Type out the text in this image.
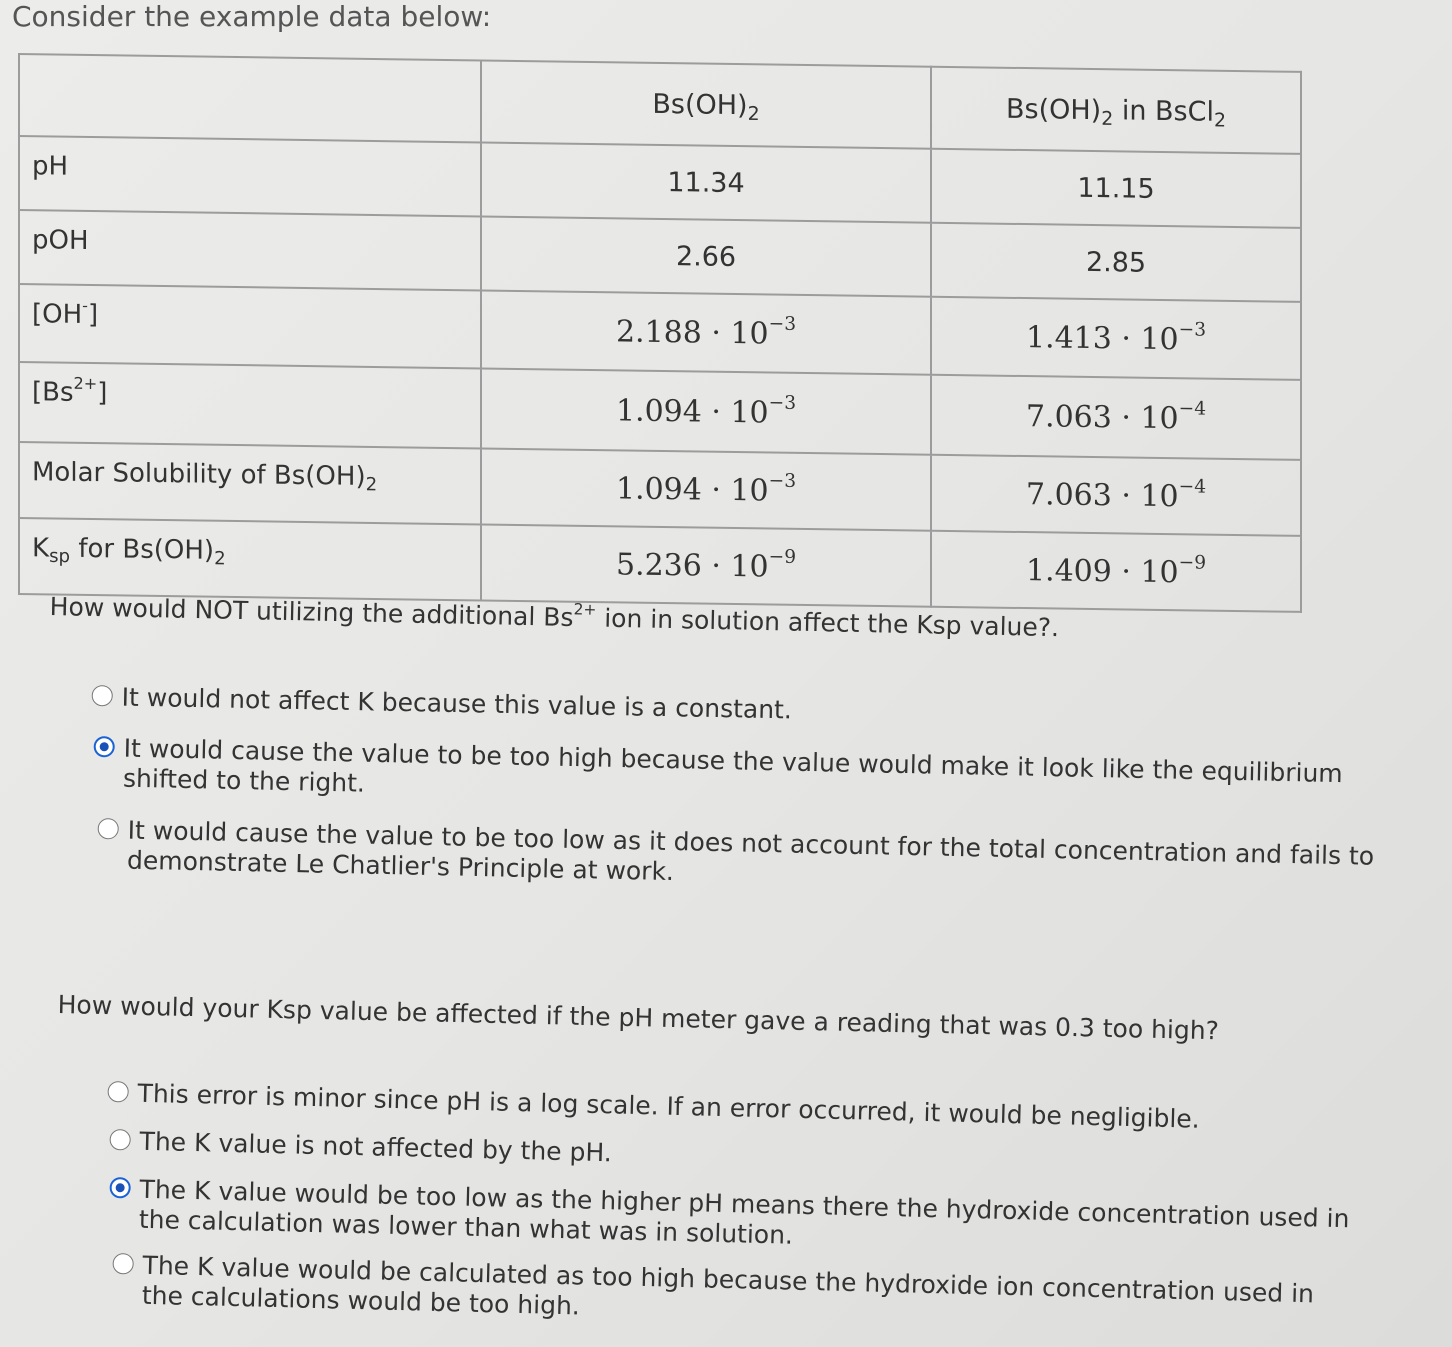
Consider the example data below:
	$Bs(OH)_2$	$Bs(OH)_2$ in BsCl$_2$
pH	11.34	11.15
pOH	2.66	2.85
[OH-]	$2.188 \cdot 10^{-3}$	$1.413 \cdot 10^{-3}$
$[Bs^{2+}]$	$1.094 \cdot 10^{-3}$	$7.063 \cdot 10^{-4}$
Molar Solubility of $Bs(OH)_2$	$1.094 \cdot 10^{-3}$	$7.063 \cdot 10^{-4}$
$K_{sp}$ for $Bs(OH)_2$	$5.236 \cdot 10^{-9}$	$1.409 \cdot 10^{-9}$
How would NOT utilizing the additional $Bs^{2+}$ ion in solution affect the Ksp value?.
It would not affect K because this value is a constant.
It would cause the value to be too high because the value would make it look like the equilibrium shifted to the right.
It would cause the value to be too low as it does not account for the total concentration and fails to demonstrate Le Chatlier's Principle at work.
How would your Ksp value be affected if the pH meter gave a reading that was 0.3 too high?
This error is minor since pH is a log scale. If an error occurred, it would be negligible.
The K value is not affected by the pH.
The K value would be too low as the higher pH means there the hydroxide concentration used in the calculation was lower than what was in solution.
The K value would be calculated as too high because the hydroxide ion concentration used in the calculations would be too high.
